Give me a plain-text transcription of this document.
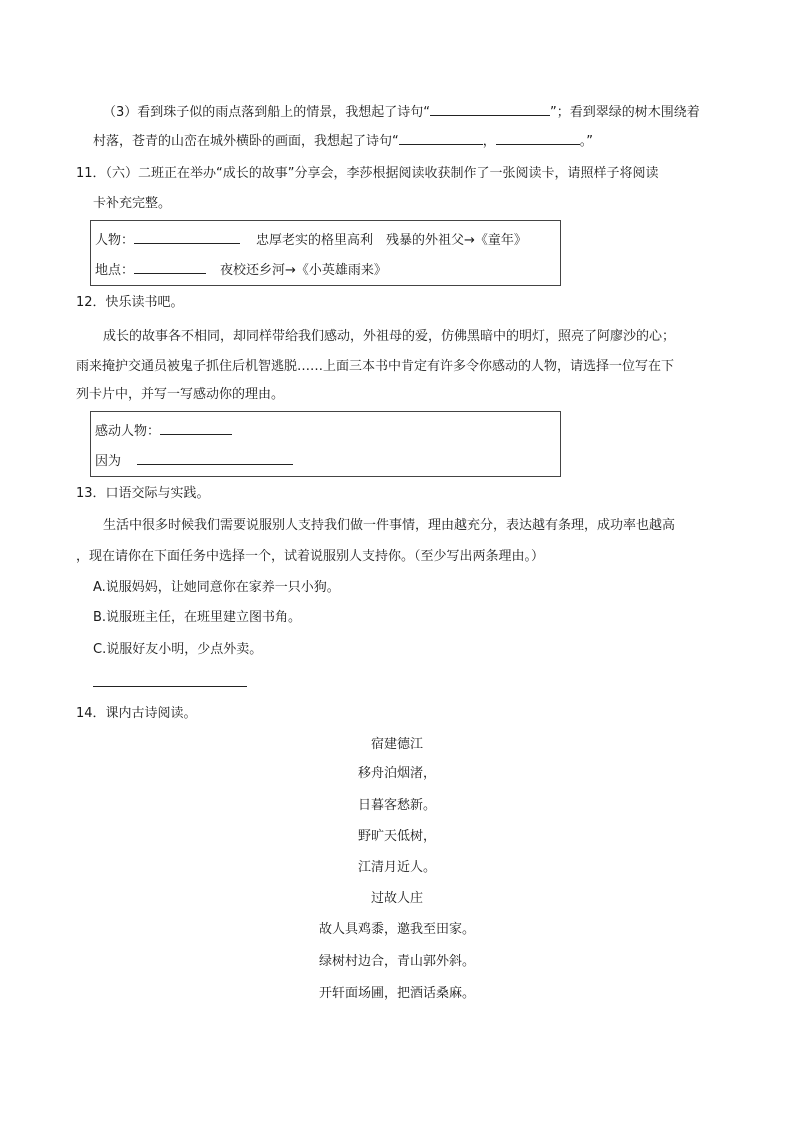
（3）看到珠子似的雨点落到船上的情景，我想起了诗句“	”；看到翠绿的树木围绕着
村落，苍青的山峦在城外横卧的画面，我想起了诗句“	，	。”
11．（六）二班正在举办“成长的故事”分享会，李莎根据阅读收获制作了一张阅读卡，请照样子将阅读
卡补充完整。
人物：	忠厚老实的格里高利　残暴的外祖父→《童年》
地点：	夜校还乡河→《小英雄雨来》
12．快乐读书吧。
成长的故事各不相同，却同样带给我们感动，外祖母的爱，仿佛黑暗中的明灯，照亮了阿廖沙的心；
雨来掩护交通员被鬼子抓住后机智逃脱……上面三本书中肯定有许多令你感动的人物，请选择一位写在下
列卡片中，并写一写感动你的理由。
感动人物：
因为
13．口语交际与实践。
生活中很多时候我们需要说服别人支持我们做一件事情，理由越充分，表达越有条理，成功率也越高
，现在请你在下面任务中选择一个，试着说服别人支持你。（至少写出两条理由。）
A.说服妈妈，让她同意你在家养一只小狗。
B.说服班主任，在班里建立图书角。
C.说服好友小明，少点外卖。
14．课内古诗阅读。
宿建德江
移舟泊烟渚，
日暮客愁新。
野旷天低树，
江清月近人。
过故人庄
故人具鸡黍，邀我至田家。
绿树村边合，青山郭外斜。
开轩面场圃，把酒话桑麻。
